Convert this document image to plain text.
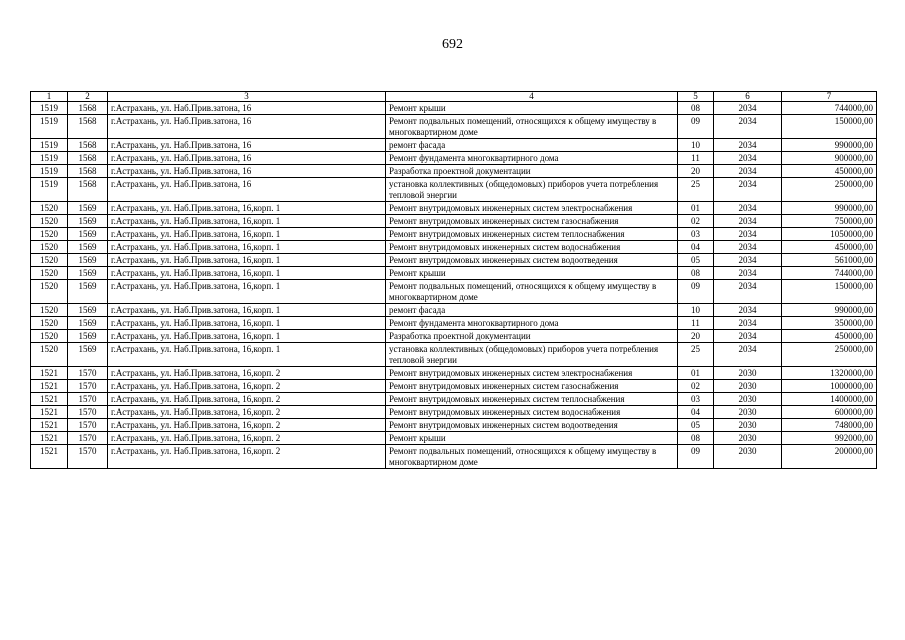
692
1	2	3	4	5	6	7
1519	1568	г.Астрахань, ул. Наб.Прив.затона, 16	Ремонт крыши	08	2034	744000,00
1519	1568	г.Астрахань, ул. Наб.Прив.затона, 16	Ремонт подвальных помещений, относящихся к общему имуществу в многоквартирном доме	09	2034	150000,00
1519	1568	г.Астрахань, ул. Наб.Прив.затона, 16	ремонт фасада	10	2034	990000,00
1519	1568	г.Астрахань, ул. Наб.Прив.затона, 16	Ремонт фундамента многоквартирного дома	11	2034	900000,00
1519	1568	г.Астрахань, ул. Наб.Прив.затона, 16	Разработка проектной документации	20	2034	450000,00
1519	1568	г.Астрахань, ул. Наб.Прив.затона, 16	установка коллективных (общедомовых) приборов учета потребления тепловой энергии	25	2034	250000,00
1520	1569	г.Астрахань, ул. Наб.Прив.затона, 16,корп. 1	Ремонт внутридомовых инженерных систем электроснабжения	01	2034	990000,00
1520	1569	г.Астрахань, ул. Наб.Прив.затона, 16,корп. 1	Ремонт внутридомовых инженерных систем газоснабжения	02	2034	750000,00
1520	1569	г.Астрахань, ул. Наб.Прив.затона, 16,корп. 1	Ремонт внутридомовых инженерных систем теплоснабжения	03	2034	1050000,00
1520	1569	г.Астрахань, ул. Наб.Прив.затона, 16,корп. 1	Ремонт внутридомовых инженерных систем водоснабжения	04	2034	450000,00
1520	1569	г.Астрахань, ул. Наб.Прив.затона, 16,корп. 1	Ремонт внутридомовых инженерных систем водоотведения	05	2034	561000,00
1520	1569	г.Астрахань, ул. Наб.Прив.затона, 16,корп. 1	Ремонт крыши	08	2034	744000,00
1520	1569	г.Астрахань, ул. Наб.Прив.затона, 16,корп. 1	Ремонт подвальных помещений, относящихся к общему имуществу в многоквартирном доме	09	2034	150000,00
1520	1569	г.Астрахань, ул. Наб.Прив.затона, 16,корп. 1	ремонт фасада	10	2034	990000,00
1520	1569	г.Астрахань, ул. Наб.Прив.затона, 16,корп. 1	Ремонт фундамента многоквартирного дома	11	2034	350000,00
1520	1569	г.Астрахань, ул. Наб.Прив.затона, 16,корп. 1	Разработка проектной документации	20	2034	450000,00
1520	1569	г.Астрахань, ул. Наб.Прив.затона, 16,корп. 1	установка коллективных (общедомовых) приборов учета потребления тепловой энергии	25	2034	250000,00
1521	1570	г.Астрахань, ул. Наб.Прив.затона, 16,корп. 2	Ремонт внутридомовых инженерных систем электроснабжения	01	2030	1320000,00
1521	1570	г.Астрахань, ул. Наб.Прив.затона, 16,корп. 2	Ремонт внутридомовых инженерных систем газоснабжения	02	2030	1000000,00
1521	1570	г.Астрахань, ул. Наб.Прив.затона, 16,корп. 2	Ремонт внутридомовых инженерных систем теплоснабжения	03	2030	1400000,00
1521	1570	г.Астрахань, ул. Наб.Прив.затона, 16,корп. 2	Ремонт внутридомовых инженерных систем водоснабжения	04	2030	600000,00
1521	1570	г.Астрахань, ул. Наб.Прив.затона, 16,корп. 2	Ремонт внутридомовых инженерных систем водоотведения	05	2030	748000,00
1521	1570	г.Астрахань, ул. Наб.Прив.затона, 16,корп. 2	Ремонт крыши	08	2030	992000,00
1521	1570	г.Астрахань, ул. Наб.Прив.затона, 16,корп. 2	Ремонт подвальных помещений, относящихся к общему имуществу в многоквартирном доме	09	2030	200000,00
